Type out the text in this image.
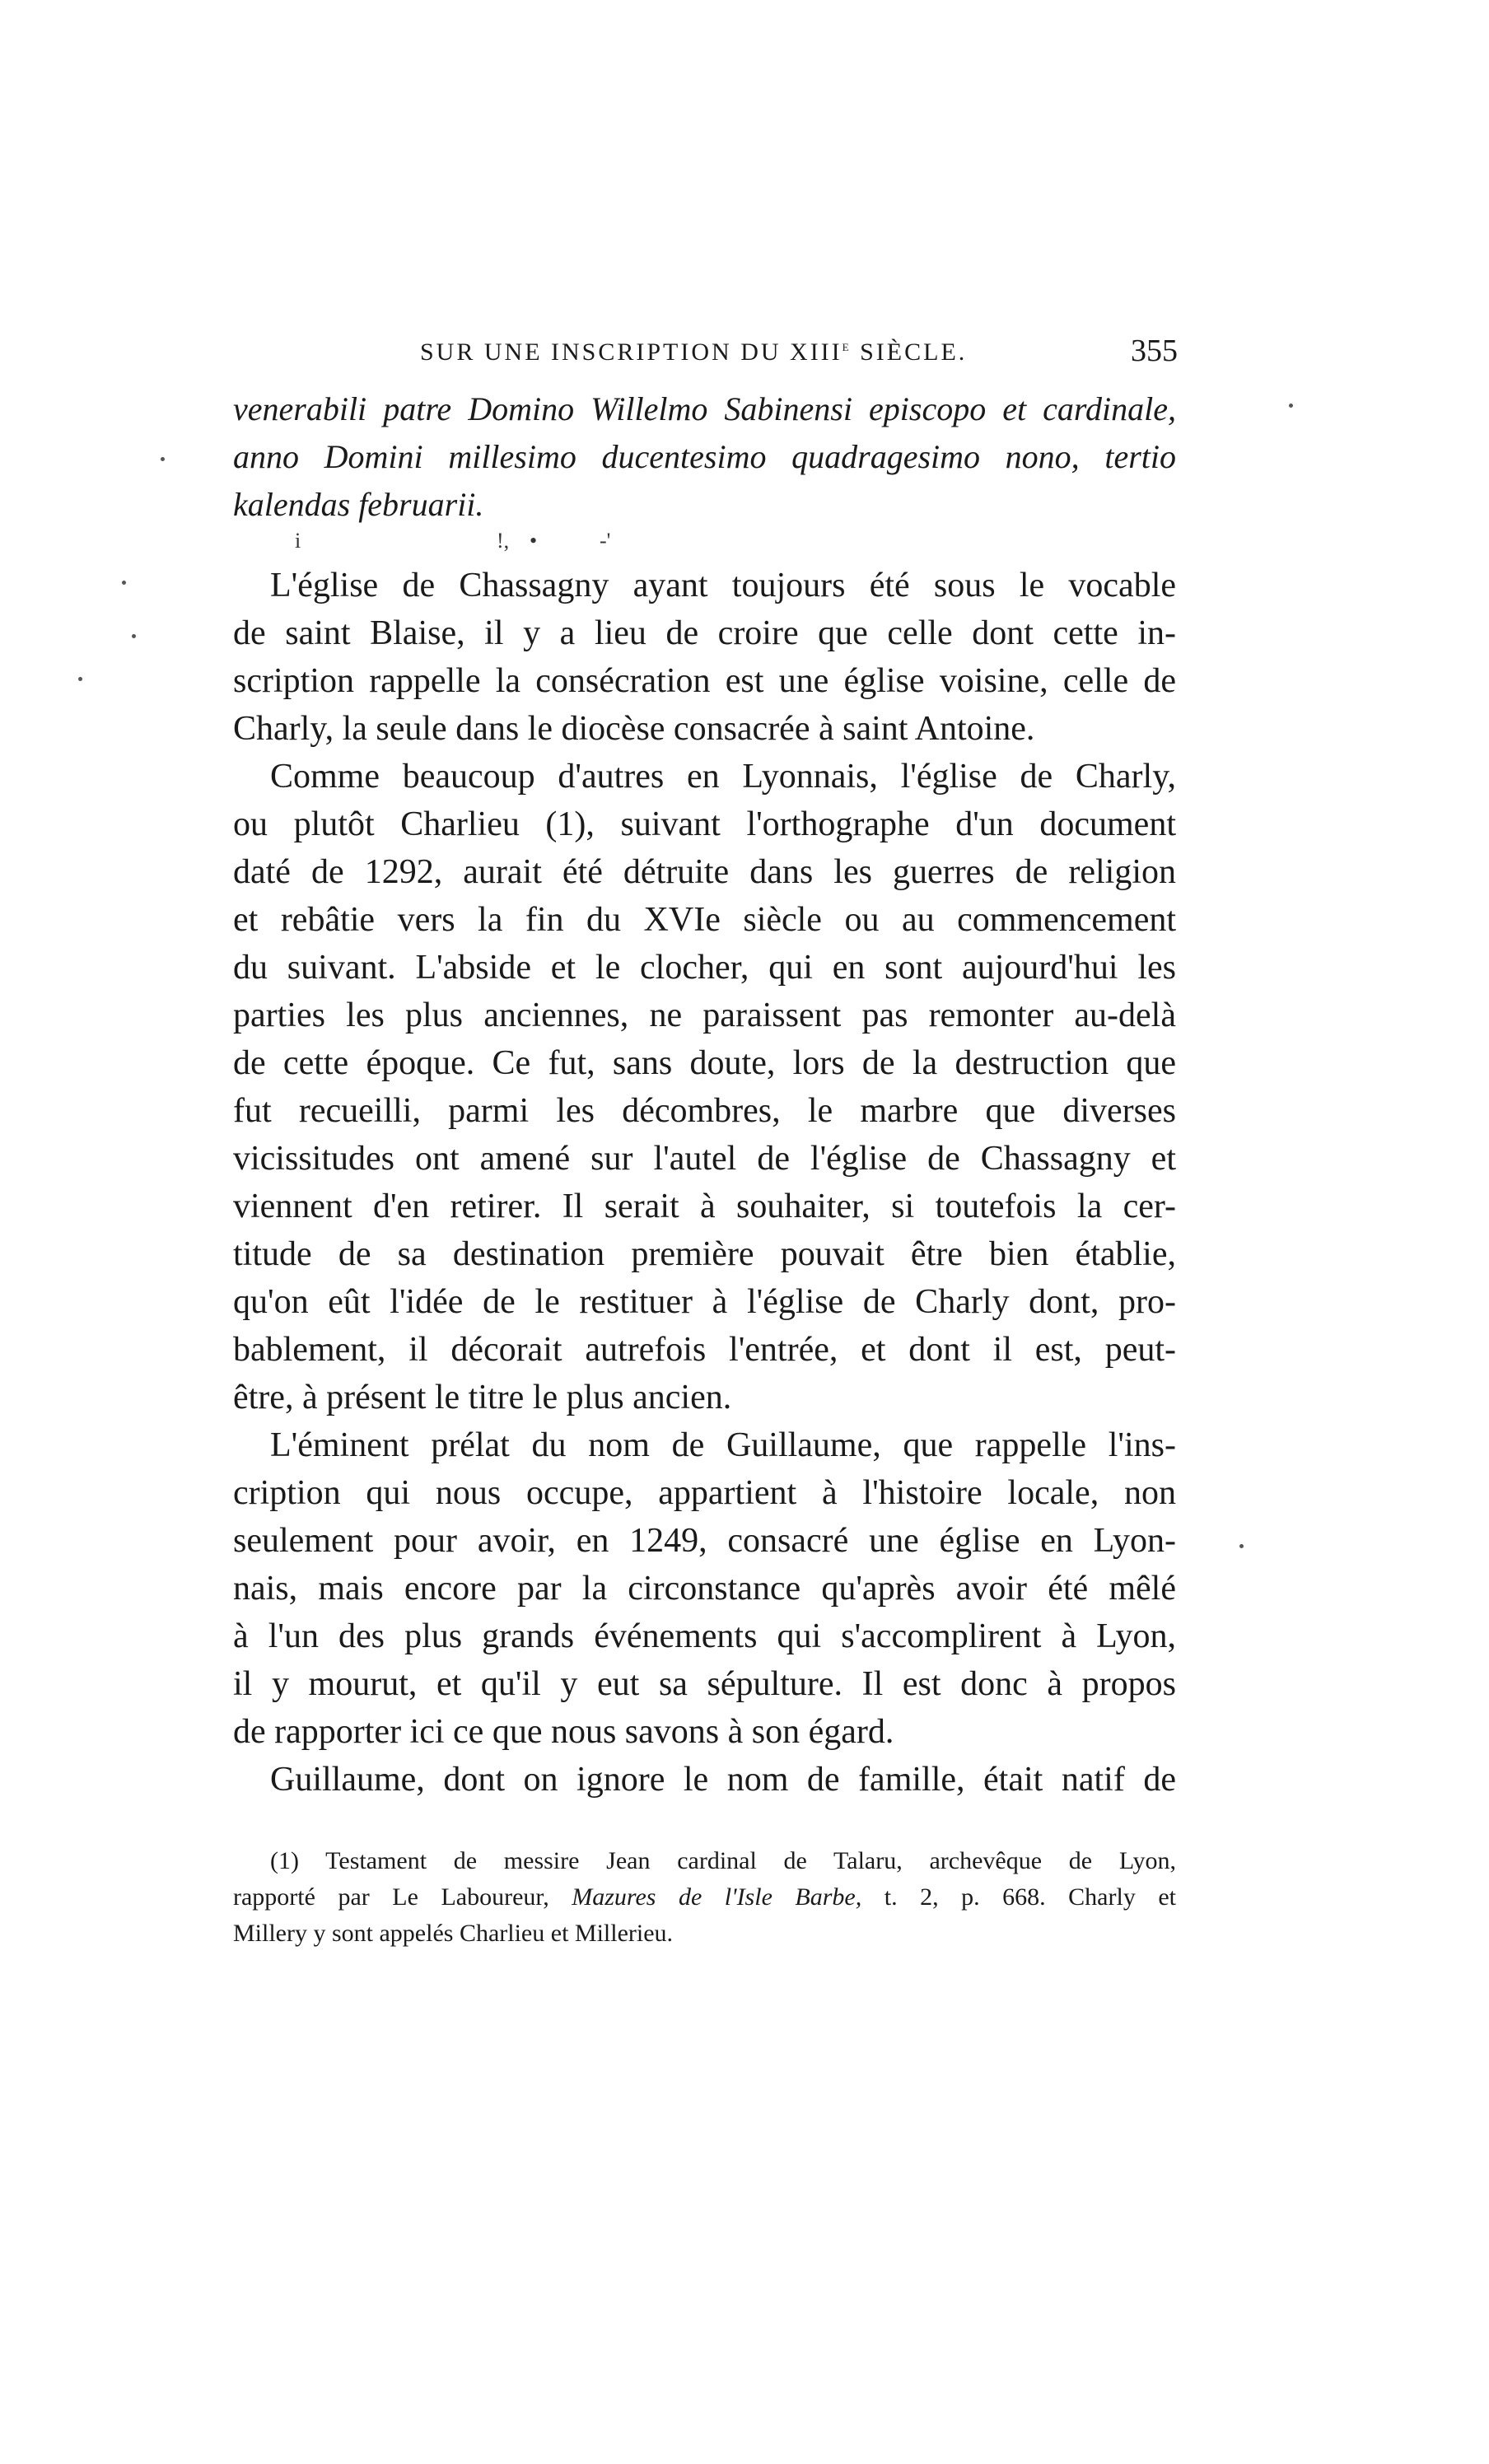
SUR UNE INSCRIPTION DU XIIIe SIÈCLE.	355
venerabili patre Domino Willelmo Sabinensi episcopo et cardinale,
anno Domini millesimo ducentesimo quadragesimo nono, tertio
kalendas februarii.
i	!, •	-'
L'église de Chassagny ayant toujours été sous le vocable
de saint Blaise, il y a lieu de croire que celle dont cette in-
scription rappelle la consécration est une église voisine, celle de
Charly, la seule dans le diocèse consacrée à saint Antoine.
Comme beaucoup d'autres en Lyonnais, l'église de Charly,
ou plutôt Charlieu (1), suivant l'orthographe d'un document
daté de 1292, aurait été détruite dans les guerres de religion
et rebâtie vers la fin du XVIe siècle ou au commencement
du suivant. L'abside et le clocher, qui en sont aujourd'hui les
parties les plus anciennes, ne paraissent pas remonter au-delà
de cette époque. Ce fut, sans doute, lors de la destruction que
fut recueilli, parmi les décombres, le marbre que diverses
vicissitudes ont amené sur l'autel de l'église de Chassagny et
viennent d'en retirer. Il serait à souhaiter, si toutefois la cer-
titude de sa destination première pouvait être bien établie,
qu'on eût l'idée de le restituer à l'église de Charly dont, pro-
bablement, il décorait autrefois l'entrée, et dont il est, peut-
être, à présent le titre le plus ancien.
L'éminent prélat du nom de Guillaume, que rappelle l'ins-
cription qui nous occupe, appartient à l'histoire locale, non
seulement pour avoir, en 1249, consacré une église en Lyon-
nais, mais encore par la circonstance qu'après avoir été mêlé
à l'un des plus grands événements qui s'accomplirent à Lyon,
il y mourut, et qu'il y eut sa sépulture. Il est donc à propos
de rapporter ici ce que nous savons à son égard.
Guillaume, dont on ignore le nom de famille, était natif de
(1) Testament de messire Jean cardinal de Talaru, archevêque de Lyon,
rapporté par Le Laboureur, Mazures de l'Isle Barbe, t. 2, p. 668. Charly et
Millery y sont appelés Charlieu et Millerieu.
